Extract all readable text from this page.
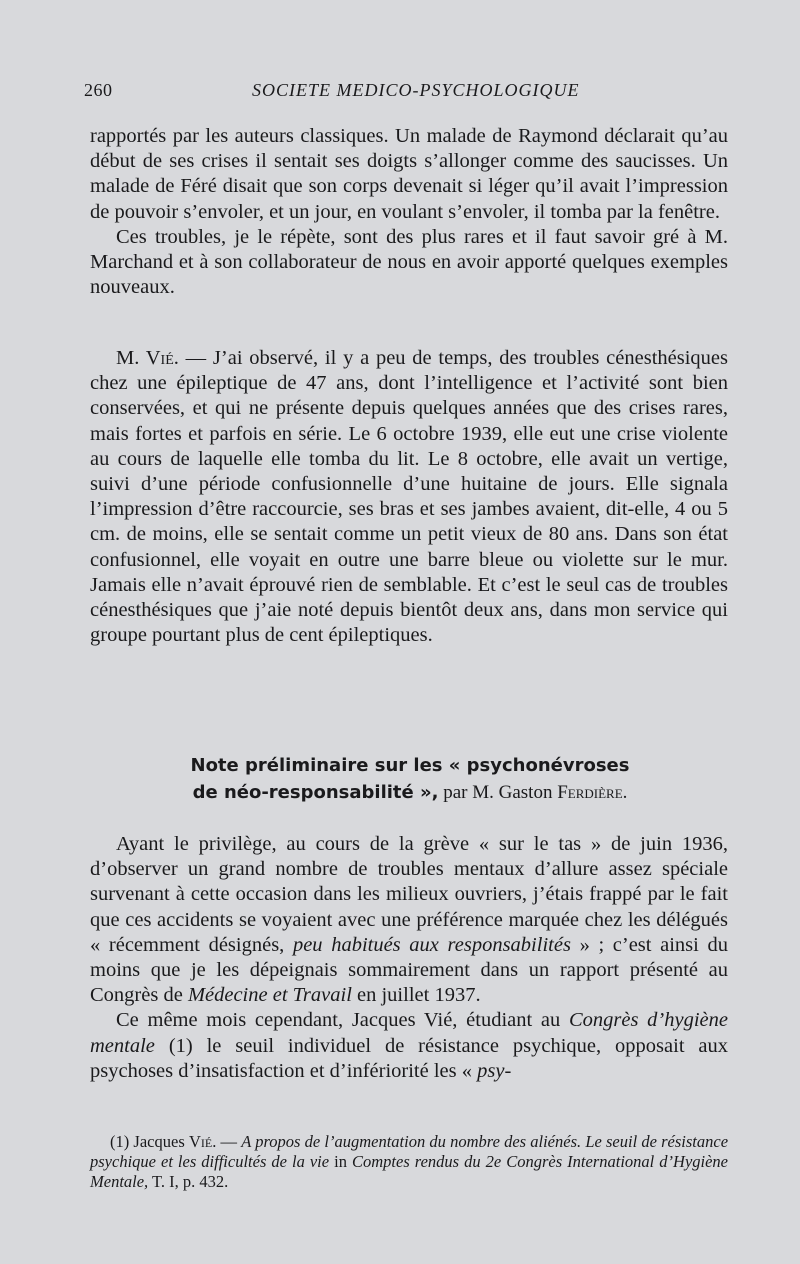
260	SOCIETE MEDICO-PSYCHOLOGIQUE

rapportés par les auteurs classiques. Un malade de Raymond déclarait qu’au début de ses crises il sentait ses doigts s’allonger comme des saucisses. Un malade de Féré disait que son corps devenait si léger qu’il avait l’impression de pouvoir s’envoler, et un jour, en voulant s’envoler, il tomba par la fenêtre.

Ces troubles, je le répète, sont des plus rares et il faut savoir gré à M. Marchand et à son collaborateur de nous en avoir apporté quelques exemples nouveaux.

M. Vié. — J’ai observé, il y a peu de temps, des troubles cénesthésiques chez une épileptique de 47 ans, dont l’intelligence et l’activité sont bien conservées, et qui ne présente depuis quelques années que des crises rares, mais fortes et parfois en série. Le 6 octobre 1939, elle eut une crise violente au cours de laquelle elle tomba du lit. Le 8 octobre, elle avait un vertige, suivi d’une période confusionnelle d’une huitaine de jours. Elle signala l’impression d’être raccourcie, ses bras et ses jambes avaient, dit-elle, 4 ou 5 cm. de moins, elle se sentait comme un petit vieux de 80 ans. Dans son état confusionnel, elle voyait en outre une barre bleue ou violette sur le mur. Jamais elle n’avait éprouvé rien de semblable. Et c’est le seul cas de troubles cénesthésiques que j’aie noté depuis bientôt deux ans, dans mon service qui groupe pourtant plus de cent épileptiques.

Note préliminaire sur les « psychonévroses
de néo-responsabilité », par M. Gaston Ferdière.

Ayant le privilège, au cours de la grève « sur le tas » de juin 1936, d’observer un grand nombre de troubles mentaux d’allure assez spéciale survenant à cette occasion dans les milieux ouvriers, j’étais frappé par le fait que ces accidents se voyaient avec une préférence marquée chez les délégués « récemment désignés, peu habitués aux responsabilités » ; c’est ainsi du moins que je les dépeignais sommairement dans un rapport présenté au Congrès de Médecine et Travail en juillet 1937.

Ce même mois cependant, Jacques Vié, étudiant au Congrès d’hygiène mentale (1) le seuil individuel de résistance psychique, opposait aux psychoses d’insatisfaction et d’infériorité les « psy-

(1) Jacques Vié. — A propos de l’augmentation du nombre des aliénés. Le seuil de résistance psychique et les difficultés de la vie in Comptes rendus du 2e Congrès International d’Hygiène Mentale, T. I, p. 432.
